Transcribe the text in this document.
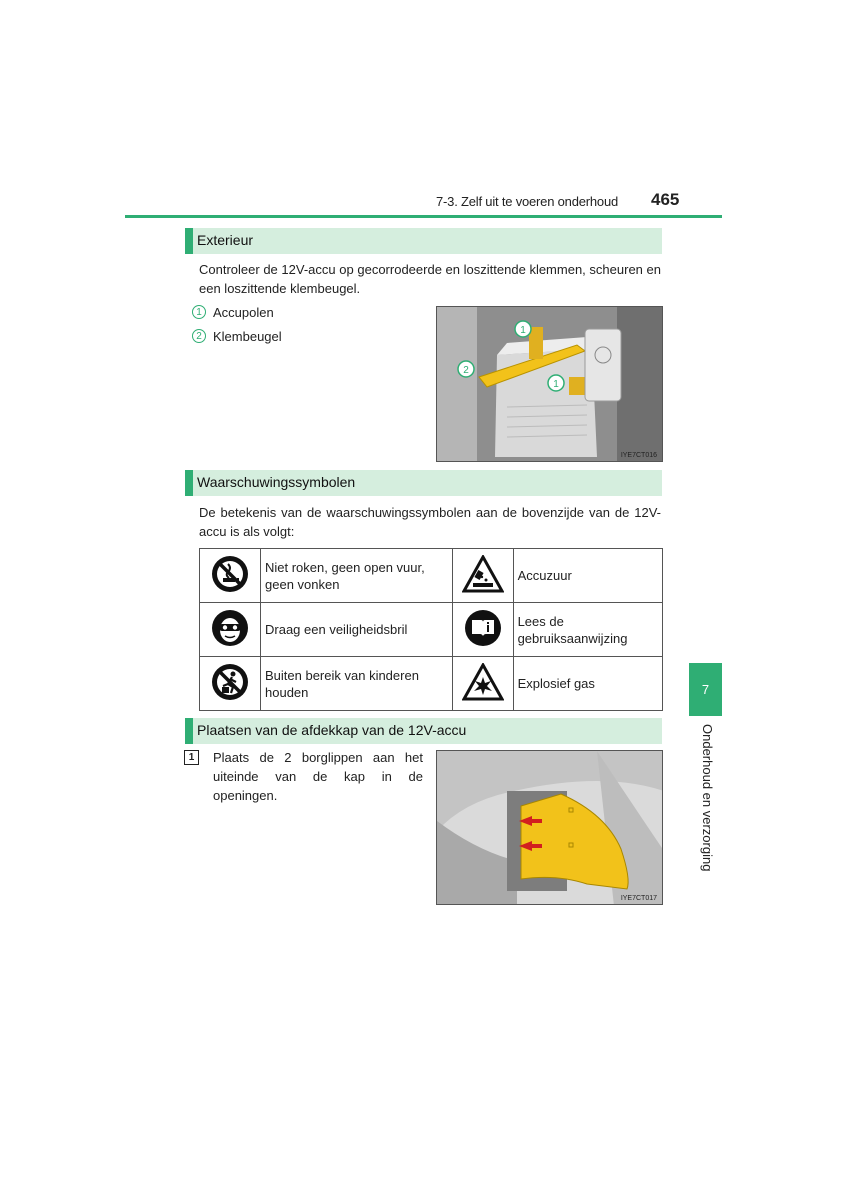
7-3. Zelf uit te voeren onderhoud 465
Exterieur
Controleer de 12V-accu op gecorrodeerde en loszittende klemmen, scheuren en een loszittende klembeugel.
1 Accupolen
2 Klembeugel	1
2
1
IYE7CT016
Waarschuwingssymbolen
De betekenis van de waarschuwingssymbolen aan de bovenzijde van de 12V-accu is als volgt:
	Niet roken, geen open vuur, geen vonken		Accuzuur
	Draag een veiligheidsbril		Lees de gebruiksaanwijzing
	Buiten bereik van kinderen houden		Explosief gas
Plaatsen van de afdekkap van de 12V-accu
1	Plaats de 2 borglippen aan het uiteinde van de kap in de openingen.
IYE7CT017
7
Onderhoud en verzorging
